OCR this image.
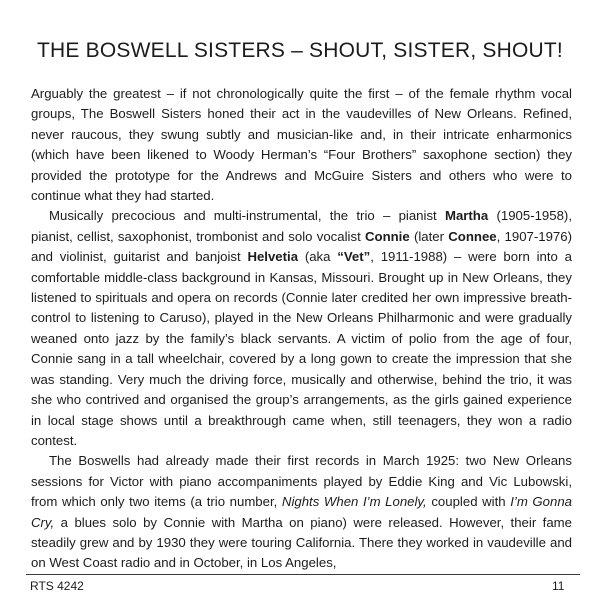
THE BOSWELL SISTERS – SHOUT, SISTER, SHOUT!

Arguably the greatest – if not chronologically quite the first – of the female rhythm vocal groups, The Boswell Sisters honed their act in the vaudevilles of New Orleans. Refined, never raucous, they swung subtly and musician-like and, in their intricate enharmonics (which have been likened to Woody Herman’s “Four Brothers” saxophone section) they provided the prototype for the Andrews and McGuire Sisters and others who were to continue what they had started.

Musically precocious and multi-instrumental, the trio – pianist Martha (1905-1958), pianist, cellist, saxophonist, trombonist and solo vocalist Connie (later Connee, 1907-1976) and violinist, guitarist and banjoist Helvetia (aka “Vet”, 1911-1988) – were born into a comfortable middle-class background in Kansas, Missouri. Brought up in New Orleans, they listened to spirituals and opera on records (Connie later credited her own impressive breath-control to listening to Caruso), played in the New Orleans Philharmonic and were gradually weaned onto jazz by the family’s black servants. A victim of polio from the age of four, Connie sang in a tall wheelchair, covered by a long gown to create the impression that she was standing. Very much the driving force, musically and otherwise, behind the trio, it was she who contrived and organised the group’s arrangements, as the girls gained experience in local stage shows until a breakthrough came when, still teenagers, they won a radio contest.

The Boswells had already made their first records in March 1925: two New Orleans sessions for Victor with piano accompaniments played by Eddie King and Vic Lubowski, from which only two items (a trio number, Nights When I’m Lonely, coupled with I’m Gonna Cry, a blues solo by Connie with Martha on piano) were released. However, their fame steadily grew and by 1930 they were touring California. There they worked in vaudeville and on West Coast radio and in October, in Los Angeles,

RTS 4242	11
